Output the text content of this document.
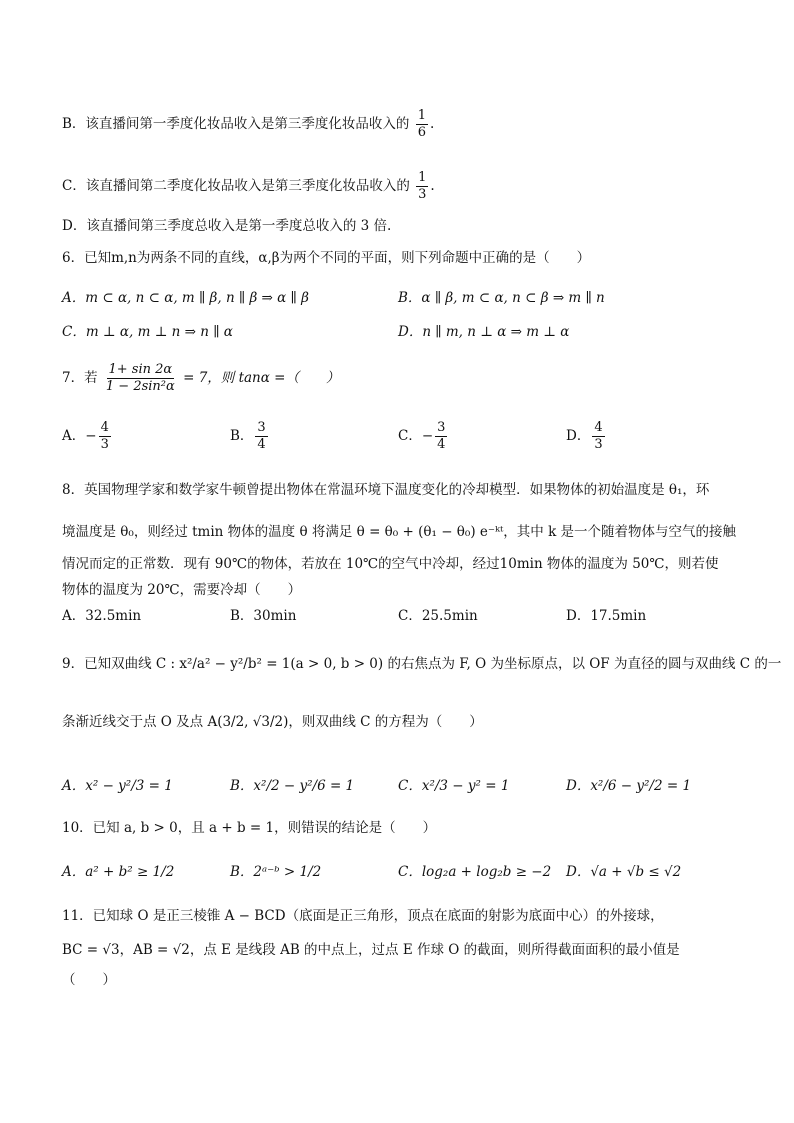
B．该直播间第一季度化妆品收入是第三季度化妆品收入的 $\frac{1}{6}$ .
C．该直播间第二季度化妆品收入是第三季度化妆品收入的 $\frac{1}{3}$ .
D．该直播间第三季度总收入是第一季度总收入的 3 倍.
6．已知m,n为两条不同的直线，α,β为两个不同的平面，则下列命题中正确的是（　　）
A．m ⊂ α, n ⊂ α, m ∥ β, n ∥ β ⇒ α ∥ β	B．α ∥ β, m ⊂ α, n ⊂ β ⇒ m ∥ n
C．m ⊥ α, m ⊥ n ⇒ n ∥ α	D．n ∥ m, n ⊥ α ⇒ m ⊥ α
7．若 $\frac{1+ \sin 2\alpha}{\text{1 − 2sin²α}} = 7$，则 tanα =（　　）
A．− $\frac{4}{3}$	B． $\frac{3}{4}$	C．− $\frac{3}{4}$	D． $\frac{4}{3}$
8．英国物理学家和数学家牛顿曾提出物体在常温环境下温度变化的冷却模型．如果物体的初始温度是 θ₁，环
境温度是 θ₀，则经过 tmin 物体的温度 θ 将满足 θ = θ₀ + (θ₁ − θ₀) e⁻ᵏᵗ，其中 k 是一个随着物体与空气的接触
情况而定的正常数．现有 90℃的物体，若放在 10℃的空气中冷却，经过10min 物体的温度为 50℃，则若使
物体的温度为 20℃，需要冷却（　　）
A．32.5min	B．30min	C．25.5min	D．17.5min
9．已知双曲线 C : x²/a² − y²/b² = 1(a > 0, b > 0) 的右焦点为 F, O 为坐标原点，以 OF 为直径的圆与双曲线 C 的一
条渐近线交于点 O 及点 A(3/2, √3/2)，则双曲线 C 的方程为（　　）
A．x² − y²/3 = 1	B．x²/2 − y²/6 = 1	C．x²/3 − y² = 1	D．x²/6 − y²/2 = 1
10．已知 a, b > 0，且 a + b = 1，则错误的结论是（　　）
A．a² + b² ≥ 1/2	B．2ᵃ⁻ᵇ > 1/2	C．log₂a + log₂b ≥ −2 D．√a + √b ≤ √2
11．已知球 O 是正三棱锥 A − BCD（底面是正三角形，顶点在底面的射影为底面中心）的外接球，
BC = √3，AB = √2，点 E 是线段 AB 的中点上，过点 E 作球 O 的截面，则所得截面面积的最小值是
（　　）
